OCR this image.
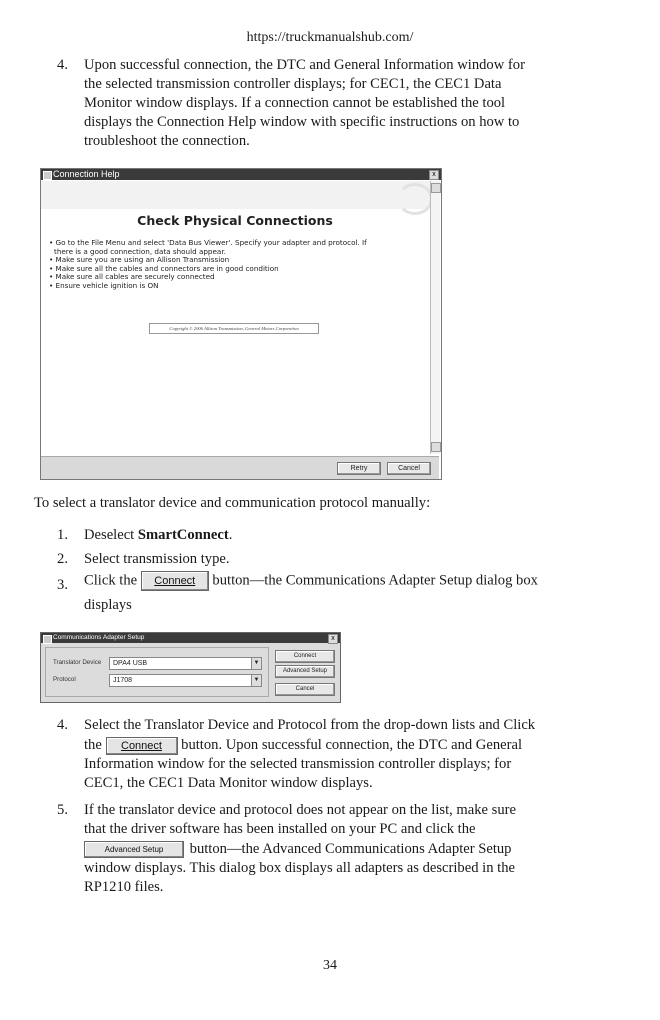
https://truckmanualshub.com/
4. Upon successful connection, the DTC and General Information window for
the selected transmission controller displays; for CEC1, the CEC1 Data
Monitor window displays. If a connection cannot be established the tool
displays the Connection Help window with specific instructions on how to
troubleshoot the connection.
Connection Help	x
Check Physical Connections
• Go to the File Menu and select 'Data Bus Viewer'. Specify your adapter and protocol. If
there is a good connection, data should appear.
• Make sure you are using an Allison Transmission
• Make sure all the cables and connectors are in good condition
• Make sure all cables are securely connected
• Ensure vehicle ignition is ON
Copyright © 2006 Allison Transmission, General Motors Corporation
Retry	Cancel
To select a translator device and communication protocol manually:
1. Deselect SmartConnect.
2. Select transmission type.
3. Click the Connect button—the Communications Adapter Setup dialog box
displays
Communications Adapter Setup	x
Translator Device	DPA4 USB	▼
Protocol	J1708	▼
Connect
Advanced Setup
Cancel
4. Select the Translator Device and Protocol from the drop-down lists and Click
the Connect button. Upon successful connection, the DTC and General
Information window for the selected transmission controller displays; for
CEC1, the CEC1 Data Monitor window displays.
5. If the translator device and protocol does not appear on the list, make sure
that the driver software has been installed on your PC and click the
Advanced Setup button—the Advanced Communications Adapter Setup
window displays. This dialog box displays all adapters as described in the
RP1210 files.
34
